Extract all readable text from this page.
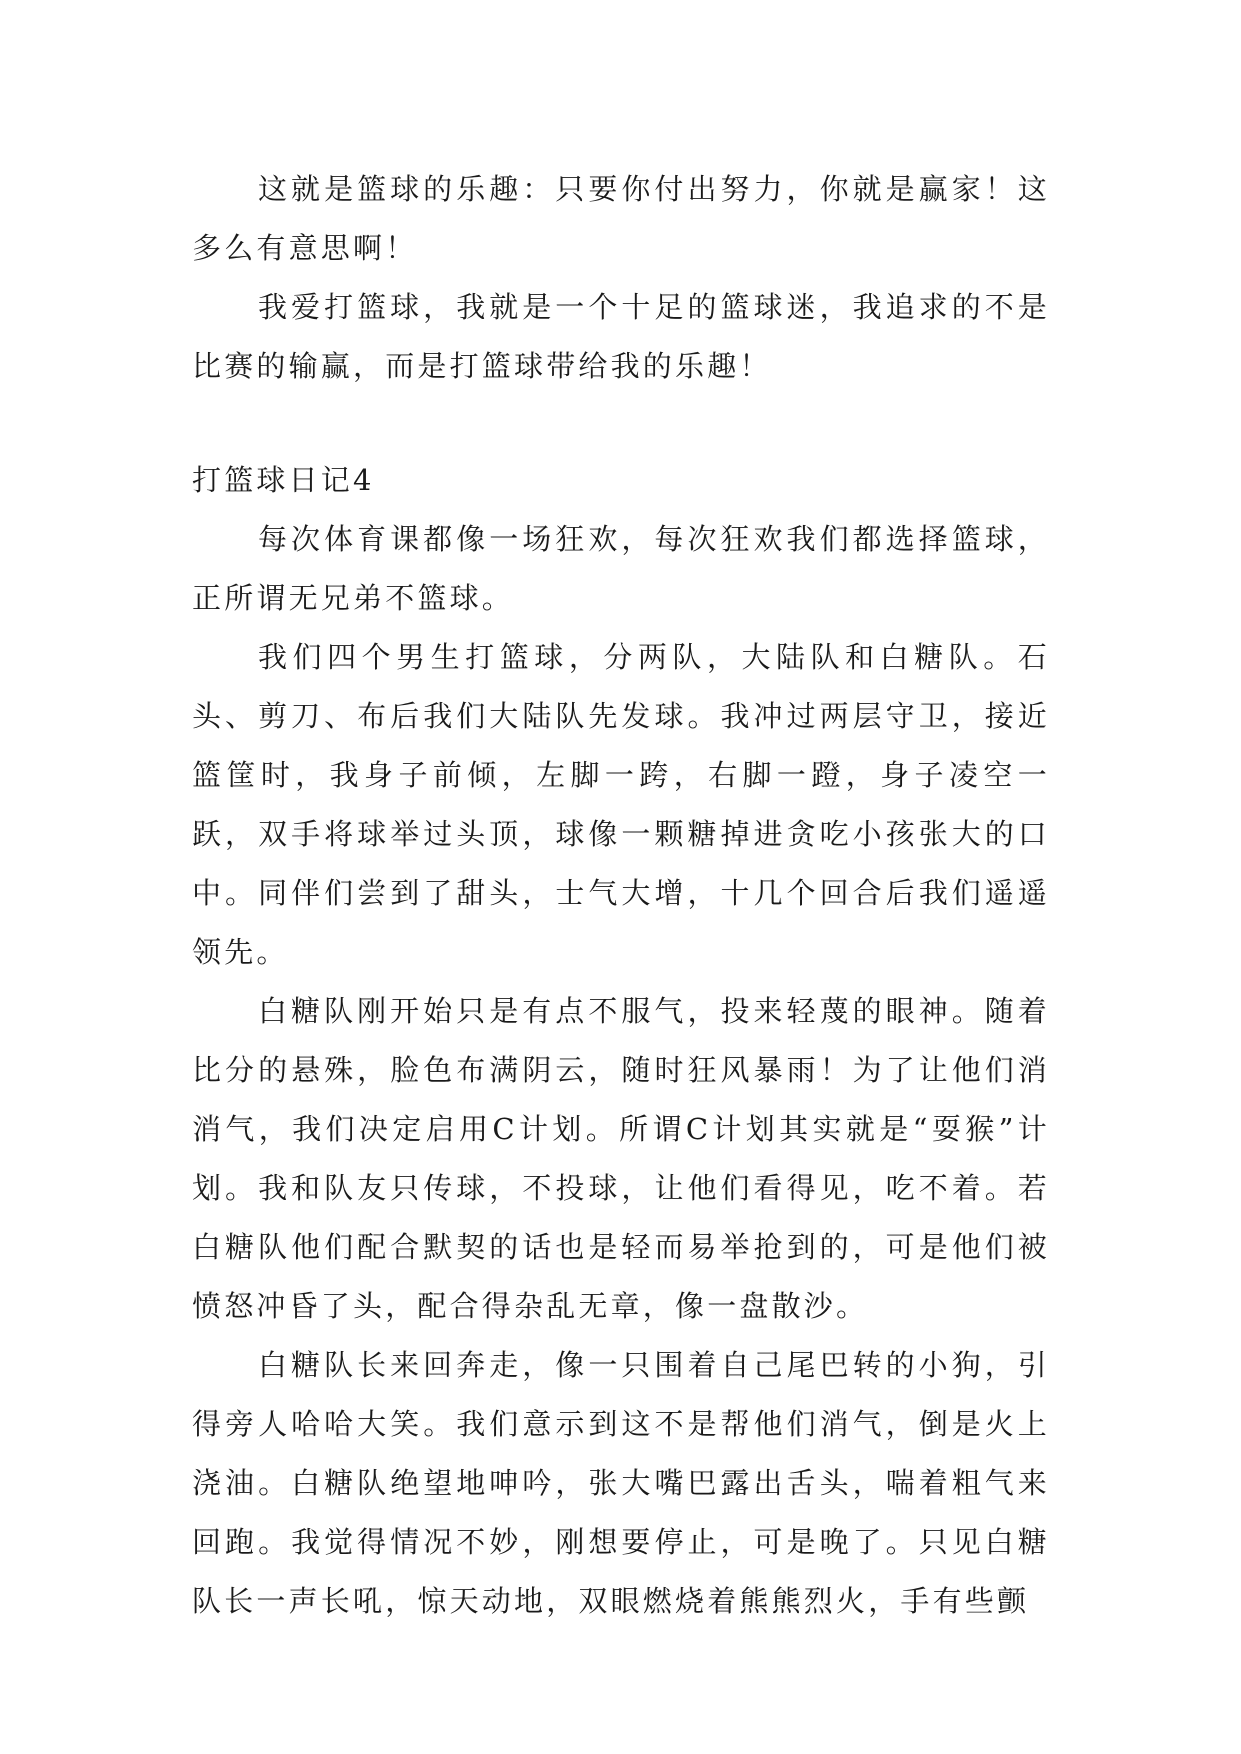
这就是篮球的乐趣：只要你付出努力，你就是赢家！这多么有意思啊！

我爱打篮球，我就是一个十足的篮球迷，我追求的不是比赛的输赢，而是打篮球带给我的乐趣！

打篮球日记4

每次体育课都像一场狂欢，每次狂欢我们都选择篮球，正所谓无兄弟不篮球。

我们四个男生打篮球，分两队，大陆队和白糖队。石头、剪刀、布后我们大陆队先发球。我冲过两层守卫，接近篮筐时，我身子前倾，左脚一跨，右脚一蹬，身子凌空一跃，双手将球举过头顶，球像一颗糖掉进贪吃小孩张大的口中。同伴们尝到了甜头，士气大增，十几个回合后我们遥遥领先。

白糖队刚开始只是有点不服气，投来轻蔑的眼神。随着比分的悬殊，脸色布满阴云，随时狂风暴雨！为了让他们消消气，我们决定启用C计划。所谓C计划其实就是“耍猴”计划。我和队友只传球，不投球，让他们看得见，吃不着。若白糖队他们配合默契的话也是轻而易举抢到的，可是他们被愤怒冲昏了头，配合得杂乱无章，像一盘散沙。

白糖队长来回奔走，像一只围着自己尾巴转的小狗，引得旁人哈哈大笑。我们意示到这不是帮他们消气，倒是火上浇油。白糖队绝望地呻吟，张大嘴巴露出舌头，喘着粗气来回跑。我觉得情况不妙，刚想要停止，可是晚了。只见白糖队长一声长吼，惊天动地，双眼燃烧着熊熊烈火，手有些颤
